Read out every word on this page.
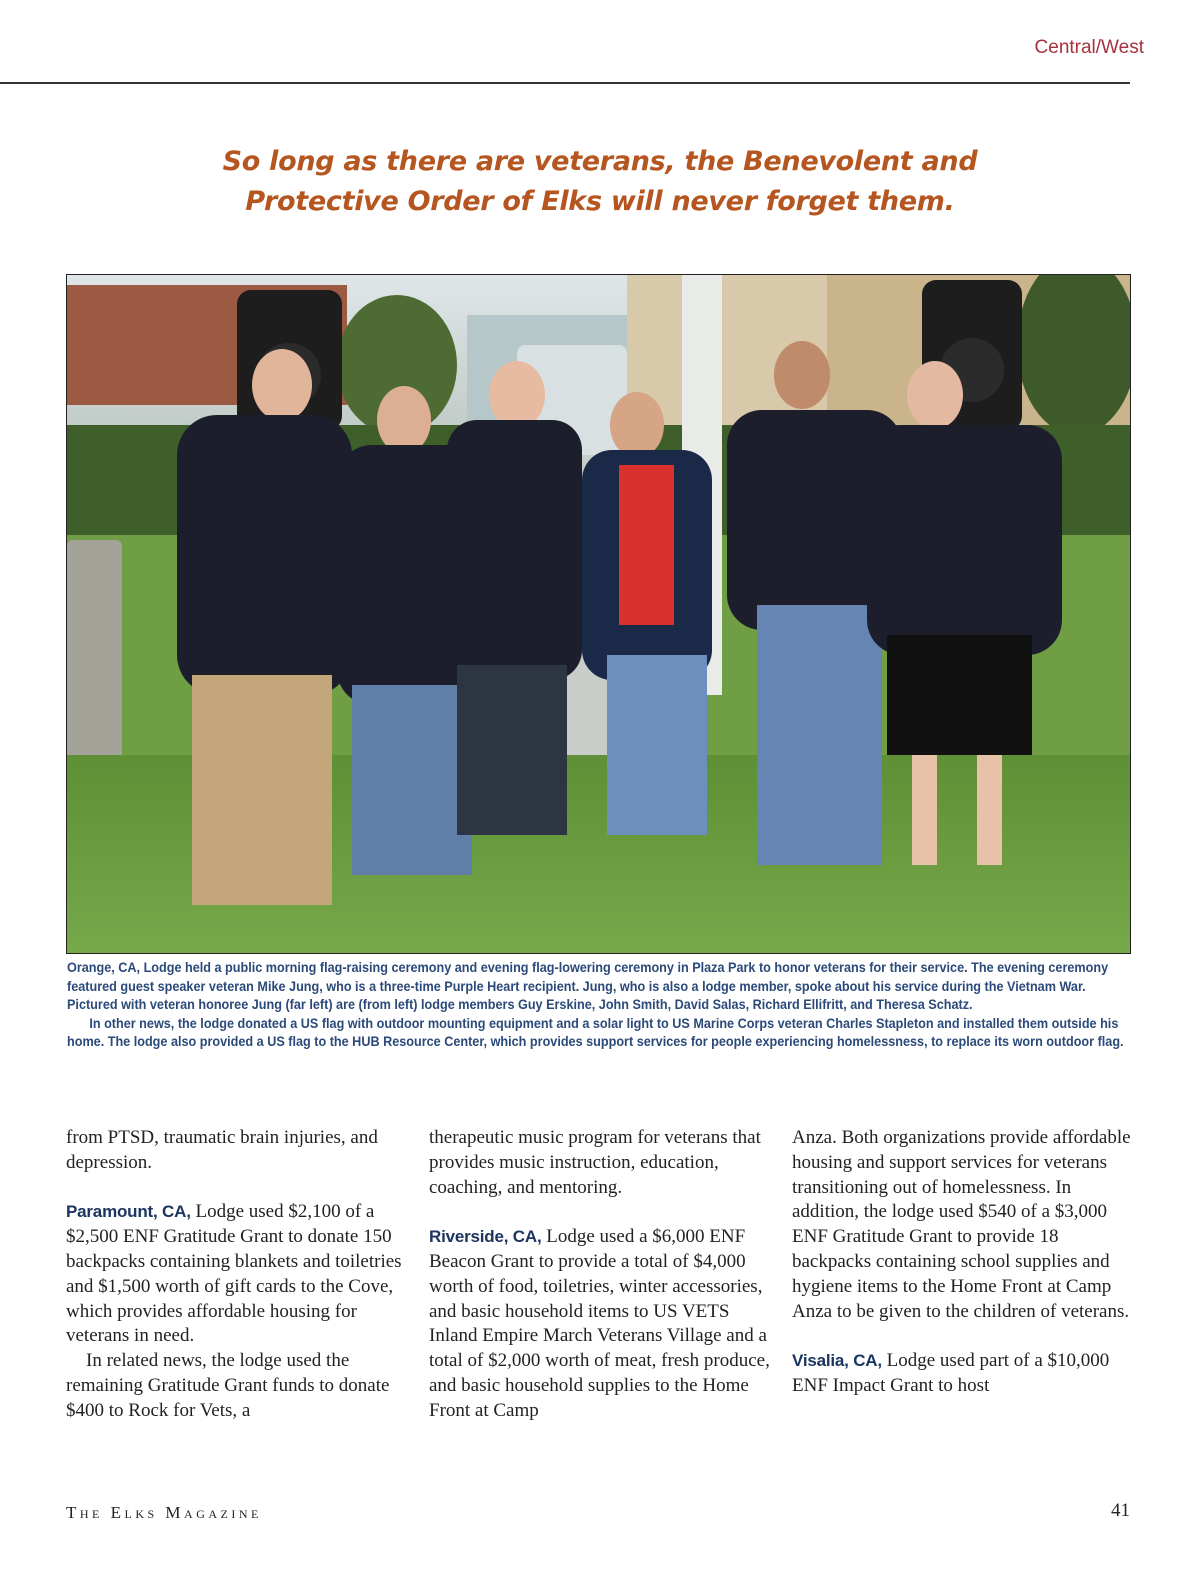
Central/West
So long as there are veterans, the Benevolent and
Protective Order of Elks will never forget them.

Orange, CA, Lodge held a public morning flag-raising ceremony and evening flag-lowering ceremony in Plaza Park to honor veterans for their service. The evening ceremony featured guest speaker veteran Mike Jung, who is a three-time Purple Heart recipient. Jung, who is also a lodge member, spoke about his service during the Vietnam War. Pictured with veteran honoree Jung (far left) are (from left) lodge members Guy Erskine, John Smith, David Salas, Richard Ellifritt, and Theresa Schatz.

In other news, the lodge donated a US flag with outdoor mounting equipment and a solar light to US Marine Corps veteran Charles Stapleton and installed them outside his home. The lodge also provided a US flag to the HUB Resource Center, which provides support services for people experiencing homelessness, to replace its worn outdoor flag.

from PTSD, traumatic brain injuries, and depression.

Paramount, CA, Lodge used $2,100 of a $2,500 ENF Gratitude Grant to donate 150 backpacks containing blankets and toiletries and $1,500 worth of gift cards to the Cove, which provides affordable housing for veterans in need.

In related news, the lodge used the remaining Gratitude Grant funds to donate $400 to Rock for Vets, a

therapeutic music program for veterans that provides music instruction, education, coaching, and mentoring.

Riverside, CA, Lodge used a $6,000 ENF Beacon Grant to provide a total of $4,000 worth of food, toiletries, winter accessories, and basic household items to US VETS Inland Empire March Veterans Village and a total of $2,000 worth of meat, fresh produce, and basic household supplies to the Home Front at Camp

Anza. Both organizations provide affordable housing and support services for veterans transitioning out of homelessness. In addition, the lodge used $540 of a $3,000 ENF Gratitude Grant to provide 18 backpacks containing school supplies and hygiene items to the Home Front at Camp Anza to be given to the children of veterans.

Visalia, CA, Lodge used part of a $10,000 ENF Impact Grant to host

The Elks Magazine	41
